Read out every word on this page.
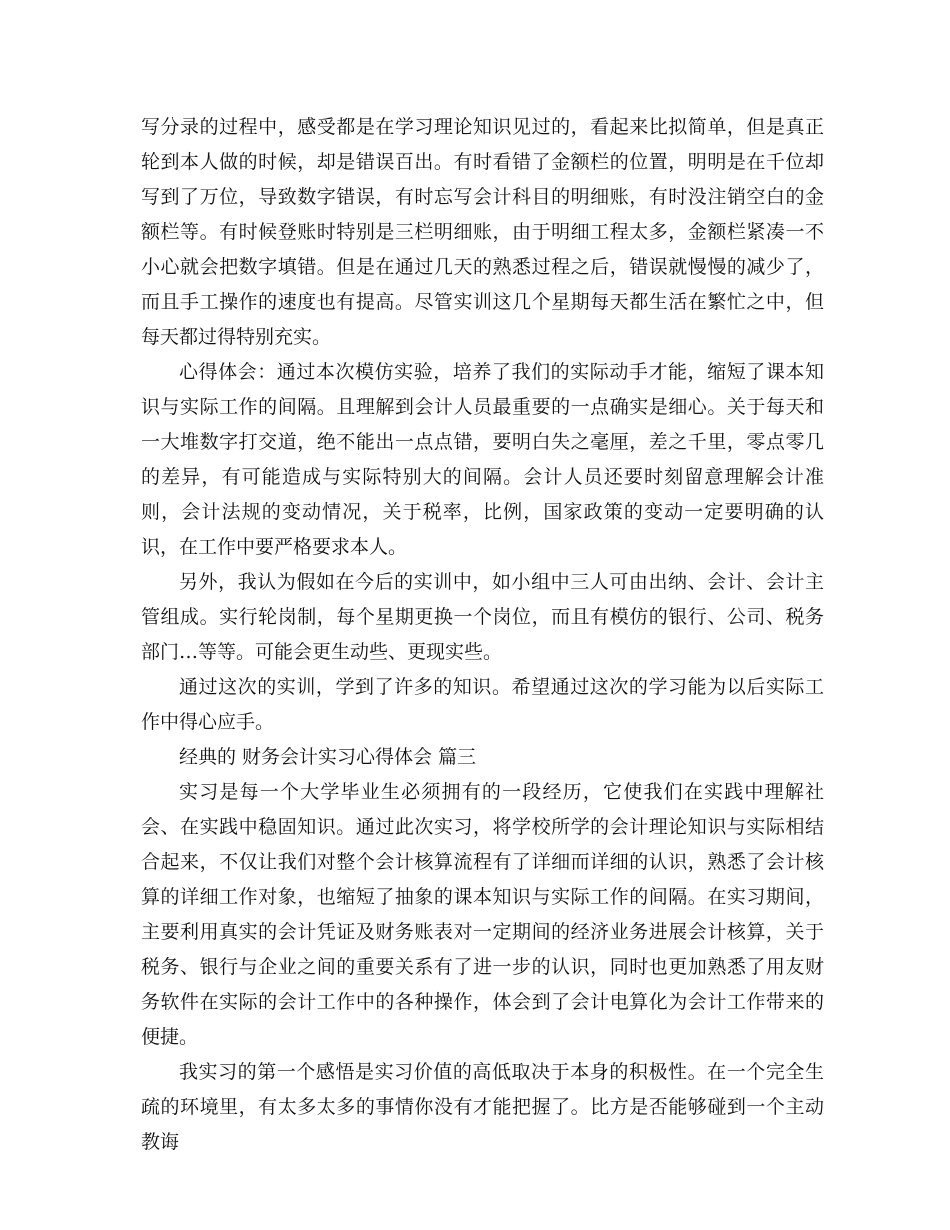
写分录的过程中，感受都是在学习理论知识见过的，看起来比拟简单，但是真正轮到本人做的时候，却是错误百出。有时看错了金额栏的位置，明明是在千位却写到了万位，导致数字错误，有时忘写会计科目的明细账，有时没注销空白的金额栏等。有时候登账时特别是三栏明细账，由于明细工程太多，金额栏紧凑一不小心就会把数字填错。但是在通过几天的熟悉过程之后，错误就慢慢的减少了，而且手工操作的速度也有提高。尽管实训这几个星期每天都生活在繁忙之中，但每天都过得特别充实。

心得体会：通过本次模仿实验，培养了我们的实际动手才能，缩短了课本知识与实际工作的间隔。且理解到会计人员最重要的一点确实是细心。关于每天和一大堆数字打交道，绝不能出一点点错，要明白失之毫厘，差之千里，零点零几的差异，有可能造成与实际特别大的间隔。会计人员还要时刻留意理解会计准则，会计法规的变动情况，关于税率，比例，国家政策的变动一定要明确的认识，在工作中要严格要求本人。

另外，我认为假如在今后的实训中，如小组中三人可由出纳、会计、会计主管组成。实行轮岗制，每个星期更换一个岗位，而且有模仿的银行、公司、税务部门…等等。可能会更生动些、更现实些。

通过这次的实训，学到了许多的知识。希望通过这次的学习能为以后实际工作中得心应手。

经典的 财务会计实习心得体会 篇三

实习是每一个大学毕业生必须拥有的一段经历，它使我们在实践中理解社会、在实践中稳固知识。通过此次实习，将学校所学的会计理论知识与实际相结合起来，不仅让我们对整个会计核算流程有了详细而详细的认识，熟悉了会计核算的详细工作对象，也缩短了抽象的课本知识与实际工作的间隔。在实习期间，主要利用真实的会计凭证及财务账表对一定期间的经济业务进展会计核算，关于税务、银行与企业之间的重要关系有了进一步的认识，同时也更加熟悉了用友财务软件在实际的会计工作中的各种操作，体会到了会计电算化为会计工作带来的便捷。

我实习的第一个感悟是实习价值的高低取决于本身的积极性。在一个完全生疏的环境里，有太多太多的事情你没有才能把握了。比方是否能够碰到一个主动教诲
